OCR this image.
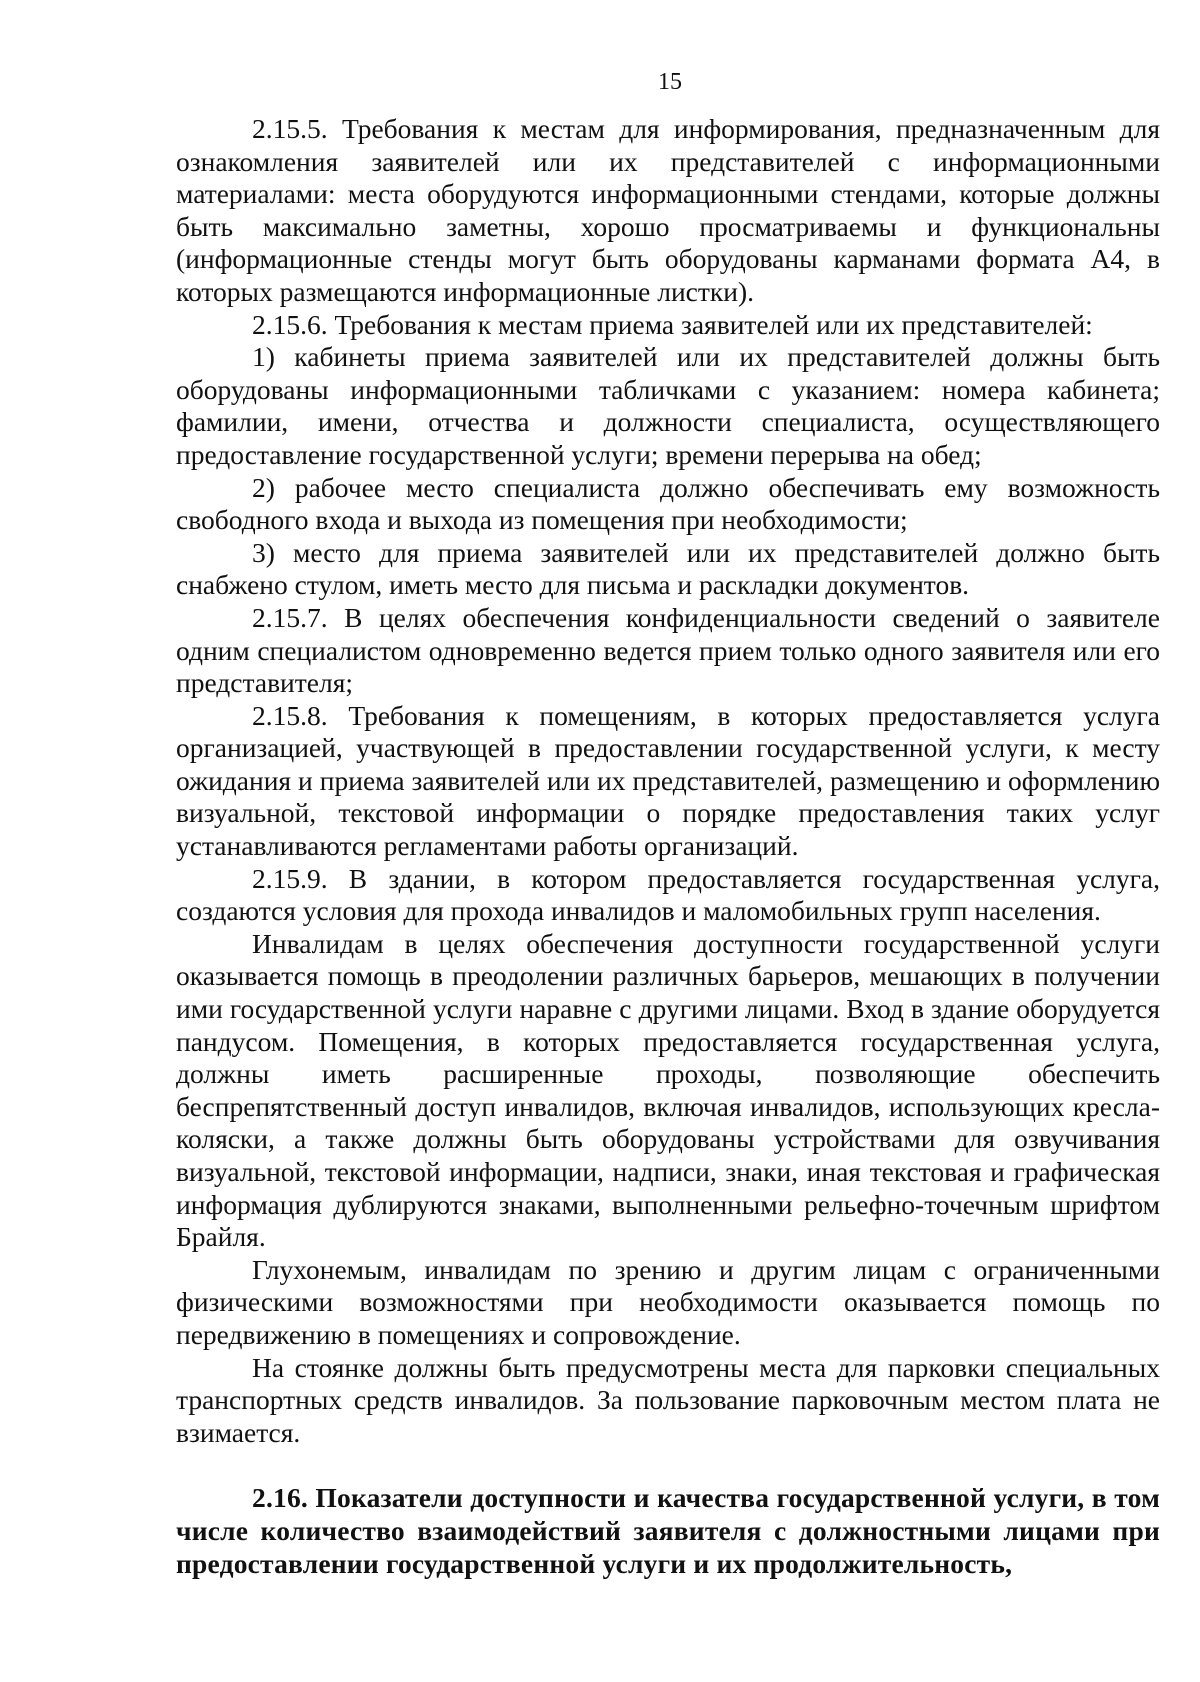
15

2.15.5. Требования к местам для информирования, предназначенным для ознакомления заявителей или их представителей с информационными материалами: места оборудуются информационными стендами, которые должны быть максимально заметны, хорошо просматриваемы и функциональны (информационные стенды могут быть оборудованы карманами формата А4, в которых размещаются информационные листки).

2.15.6. Требования к местам приема заявителей или их представителей:

1) кабинеты приема заявителей или их представителей должны быть оборудованы информационными табличками с указанием: номера кабинета; фамилии, имени, отчества и должности специалиста, осуществляющего предоставление государственной услуги; времени перерыва на обед;

2) рабочее место специалиста должно обеспечивать ему возможность свободного входа и выхода из помещения при необходимости;

3) место для приема заявителей или их представителей должно быть снабжено стулом, иметь место для письма и раскладки документов.

2.15.7. В целях обеспечения конфиденциальности сведений о заявителе одним специалистом одновременно ведется прием только одного заявителя или его представителя;

2.15.8. Требования к помещениям, в которых предоставляется услуга организацией, участвующей в предоставлении государственной услуги, к месту ожидания и приема заявителей или их представителей, размещению и оформлению визуальной, текстовой информации о порядке предоставления таких услуг устанавливаются регламентами работы организаций.

2.15.9. В здании, в котором предоставляется государственная услуга, создаются условия для прохода инвалидов и маломобильных групп населения.

Инвалидам в целях обеспечения доступности государственной услуги оказывается помощь в преодолении различных барьеров, мешающих в получении ими государственной услуги наравне с другими лицами. Вход в здание оборудуется пандусом. Помещения, в которых предоставляется государственная услуга, должны иметь расширенные проходы, позволяющие обеспечить беспрепятственный доступ инвалидов, включая инвалидов, использующих кресла-коляски, а также должны быть оборудованы устройствами для озвучивания визуальной, текстовой информации, надписи, знаки, иная текстовая и графическая информация дублируются знаками, выполненными рельефно-точечным шрифтом Брайля.

Глухонемым, инвалидам по зрению и другим лицам с ограниченными физическими возможностями при необходимости оказывается помощь по передвижению в помещениях и сопровождение.

На стоянке должны быть предусмотрены места для парковки специальных транспортных средств инвалидов. За пользование парковочным местом плата не взимается.

2.16. Показатели доступности и качества государственной услуги, в том числе количество взаимодействий заявителя с должностными лицами при предоставлении государственной услуги и их продолжительность,
